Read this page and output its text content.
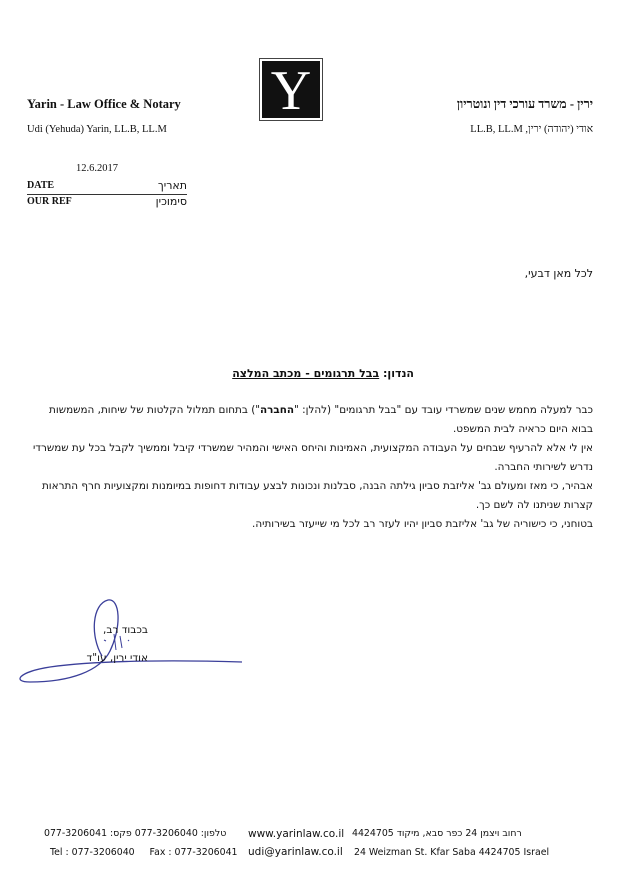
Y
Yarin - Law Office & Notary
Udi (Yehuda) Yarin, LL.B, LL.M
ירין - משרד עורכי דין ונוטריון
אודי (יהודה) ירין, LL.B, LL.M
12.6.2017
DATE	תאריך
OUR REF	סימוכין
לכל מאן דבעי,
הנדון: בבל תרגומים - מכתב המלצה

כבר למעלה מחמש שנים שמשרדי עובד עם "בבל תרגומים" (להלן: "החברה") בתחום תמלול הקלטות של שיחות, המשמשות בבוא היום כראיה לבית המשפט.

אין לי אלא להרעיף שבחים על העבודה המקצועית, האמינות והיחס האישי והמהיר שמשרדי קיבל וממשיך לקבל בכל עת שמשרדי נדרש לשירותי החברה.

אבהיר, כי מאז ומעולם גב' אליזבת סביון גילתה הבנה, סבלנות ונכונות לבצע עבודות דחופות במיומנות ומקצועיות חרף התראות קצרות שניתנו לה לשם כך.

בטוחני, כי כישוריה של גב' אליזבת סביון יהיו לעזר רב לכל מי שייעזר בשירותיה.

בכבוד רב,
אודי ירין, עו"ד
טלפון: 077-3206040 פקס: 077-3206041
Tel : 077-3206040     Fax : 077-3206041
www.yarinlaw.co.il
udi@yarinlaw.co.il
רחוב ויצמן 24 כפר סבא, מיקוד 4424705
24 Weizman St. Kfar Saba 4424705 Israel
